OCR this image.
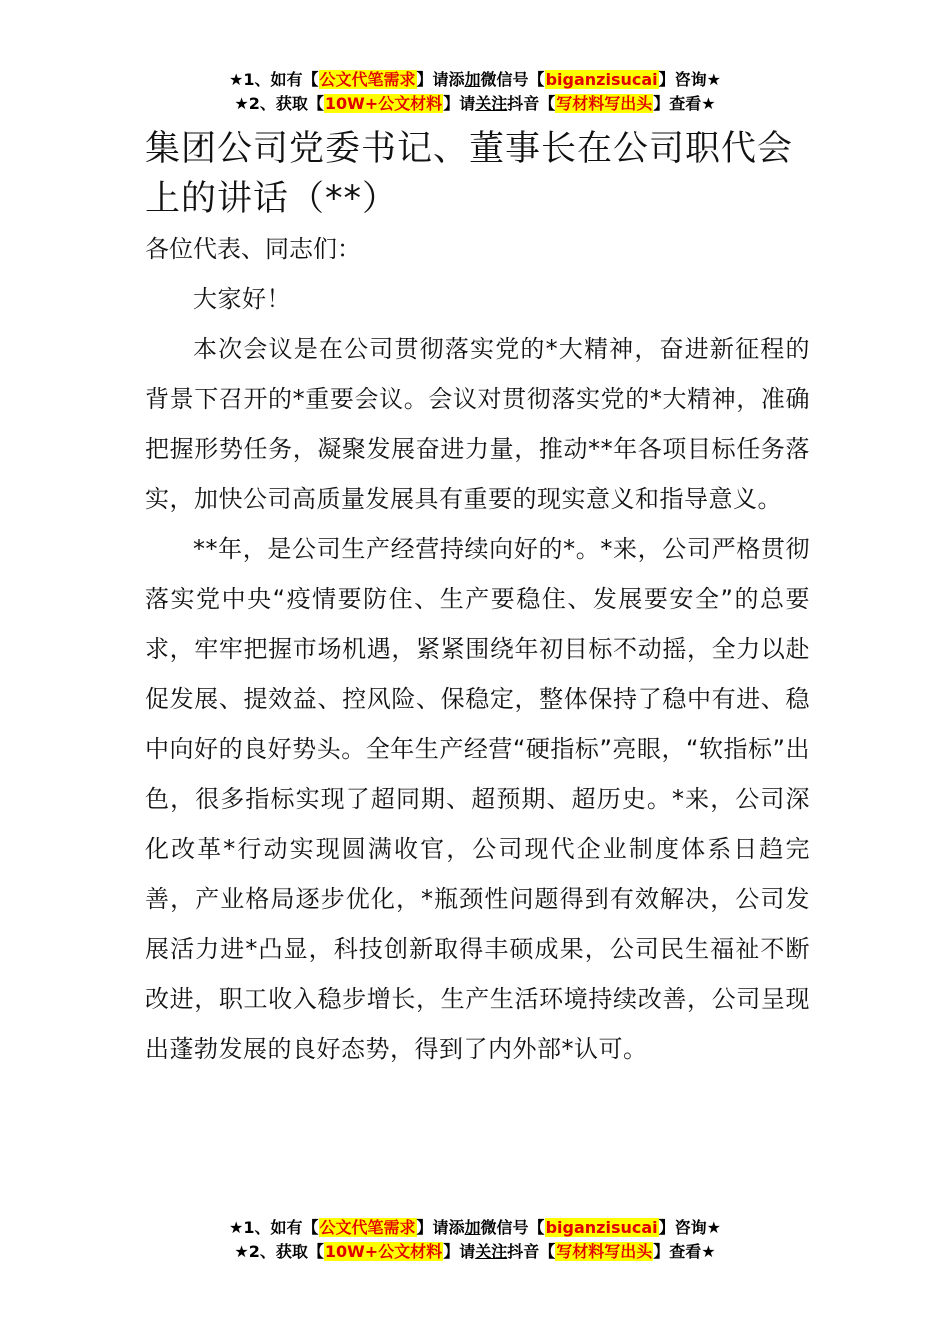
★1、如有【公文代笔需求】请添加微信号【biganzisucai】咨询★
★2、获取【10W+公文材料】请关注抖音【写材料写出头】查看★
集团公司党委书记、董事长在公司职代会上的讲话（**）

各位代表、同志们：

大家好！

本次会议是在公司贯彻落实党的*大精神，奋进新征程的背景下召开的*重要会议。会议对贯彻落实党的*大精神，准确把握形势任务，凝聚发展奋进力量，推动**年各项目标任务落实，加快公司高质量发展具有重要的现实意义和指导意义。

**年，是公司生产经营持续向好的*。*来，公司严格贯彻落实党中央“疫情要防住、生产要稳住、发展要安全”的总要求，牢牢把握市场机遇，紧紧围绕年初目标不动摇，全力以赴促发展、提效益、控风险、保稳定，整体保持了稳中有进、稳中向好的良好势头。全年生产经营“硬指标”亮眼，“软指标”出色，很多指标实现了超同期、超预期、超历史。*来，公司深化改革*行动实现圆满收官，公司现代企业制度体系日趋完善，产业格局逐步优化，*瓶颈性问题得到有效解决，公司发展活力进*凸显，科技创新取得丰硕成果，公司民生福祉不断改进，职工收入稳步增长，生产生活环境持续改善，公司呈现出蓬勃发展的良好态势，得到了内外部*认可。

★1、如有【公文代笔需求】请添加微信号【biganzisucai】咨询★
★2、获取【10W+公文材料】请关注抖音【写材料写出头】查看★
